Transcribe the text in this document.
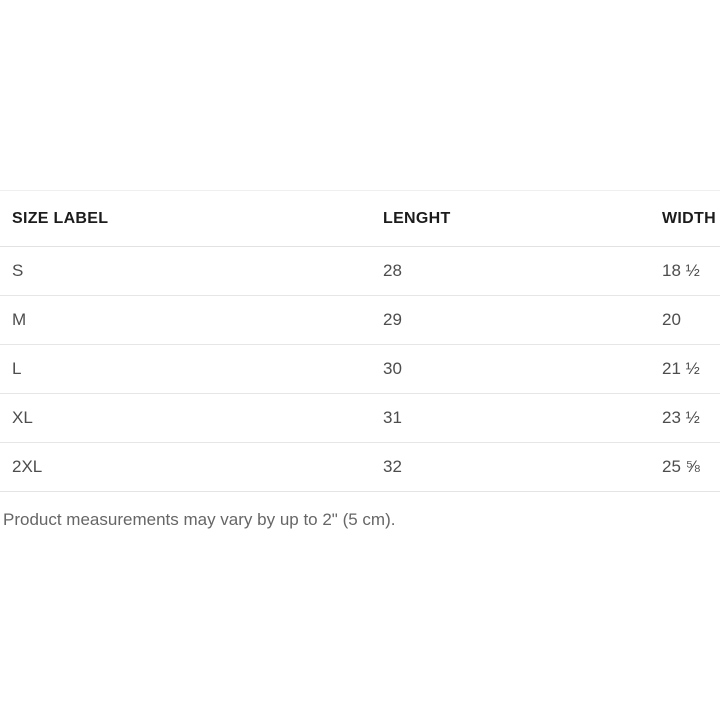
SIZE LABEL	LENGHT	WIDTH
S	28	18 ½
M	29	20
L	30	21 ½
XL	31	23 ½
2XL	32	25 ⅝

Product measurements may vary by up to 2" (5 cm).
